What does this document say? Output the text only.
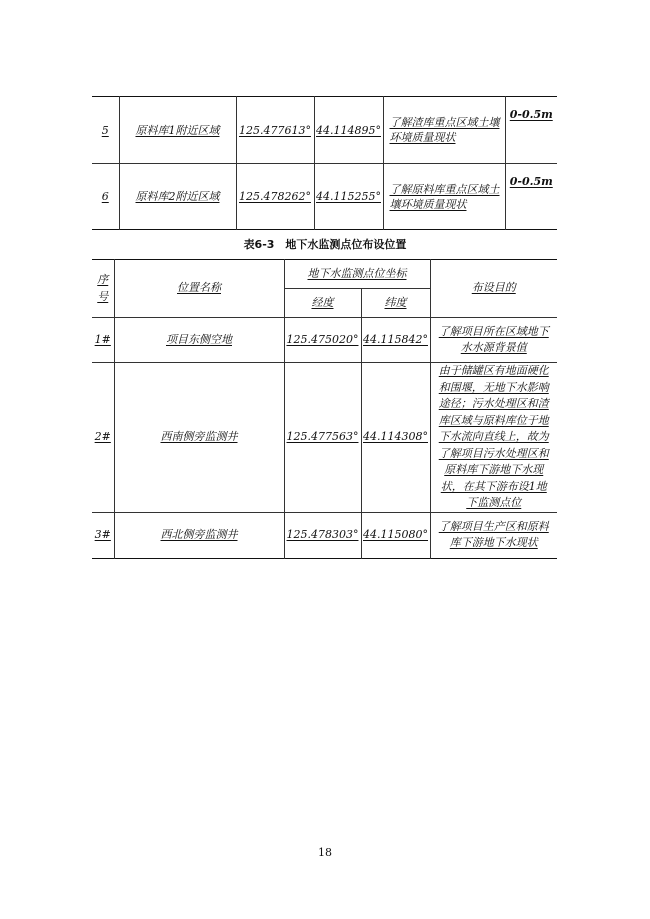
5	原料库1附近区域	125.477613°	44.114895°	了解渣库重点区域土壤环境质量现状	0-0.5m
6	原料库2附近区域	125.478262°	44.115255°	了解原料库重点区域土壤环境质量现状	0-0.5m
表6-3　地下水监测点位布设位置
序号	位置名称	地下水监测点位坐标		布设目的
		经度	纬度	
1#	项目东侧空地	125.475020°	44.115842°	了解项目所在区域地下水水源背景值
2#	西南侧旁监测井	125.477563°	44.114308°	由于储罐区有地面硬化和围堰，无地下水影响途径；污水处理区和渣库区域与原料库位于地下水流向直线上，故为了解项目污水处理区和原料库下游地下水现状，在其下游布设1地下监测点位
3#	西北侧旁监测井	125.478303°	44.115080°	了解项目生产区和原料库下游地下水现状
18
